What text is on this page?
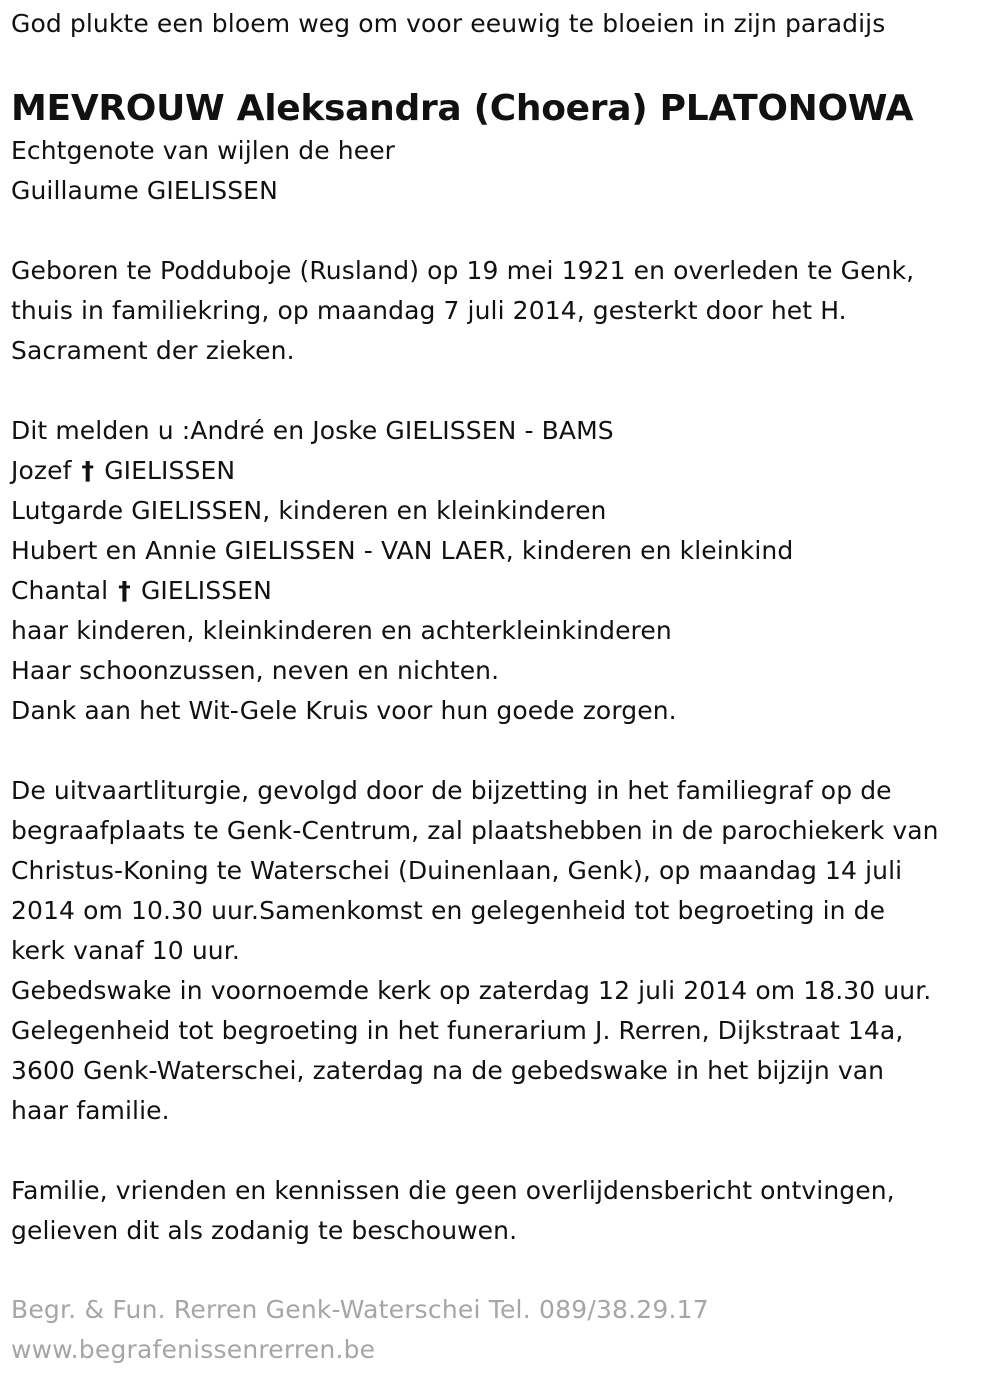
God plukte een bloem weg om voor eeuwig te bloeien in zijn paradijs
MEVROUW Aleksandra (Choera) PLATONOWA
Echtgenote van wijlen de heer
Guillaume GIELISSEN
Geboren te Podduboje (Rusland) op 19 mei 1921 en overleden te Genk,
thuis in familiekring, op maandag 7 juli 2014, gesterkt door het H.
Sacrament der zieken.
Dit melden u :André en Joske GIELISSEN - BAMS
Jozef † GIELISSEN
Lutgarde GIELISSEN, kinderen en kleinkinderen
Hubert en Annie GIELISSEN - VAN LAER, kinderen en kleinkind
Chantal † GIELISSEN
haar kinderen, kleinkinderen en achterkleinkinderen
Haar schoonzussen, neven en nichten.
Dank aan het Wit-Gele Kruis voor hun goede zorgen.
De uitvaartliturgie, gevolgd door de bijzetting in het familiegraf op de
begraafplaats te Genk-Centrum, zal plaatshebben in de parochiekerk van
Christus-Koning te Waterschei (Duinenlaan, Genk), op maandag 14 juli
2014 om 10.30 uur.Samenkomst en gelegenheid tot begroeting in de
kerk vanaf 10 uur.
Gebedswake in voornoemde kerk op zaterdag 12 juli 2014 om 18.30 uur.
Gelegenheid tot begroeting in het funerarium J. Rerren, Dijkstraat 14a,
3600 Genk-Waterschei, zaterdag na de gebedswake in het bijzijn van
haar familie.
Familie, vrienden en kennissen die geen overlijdensbericht ontvingen,
gelieven dit als zodanig te beschouwen.
Begr. & Fun. Rerren Genk-Waterschei Tel. 089/38.29.17
www.begrafenissenrerren.be
